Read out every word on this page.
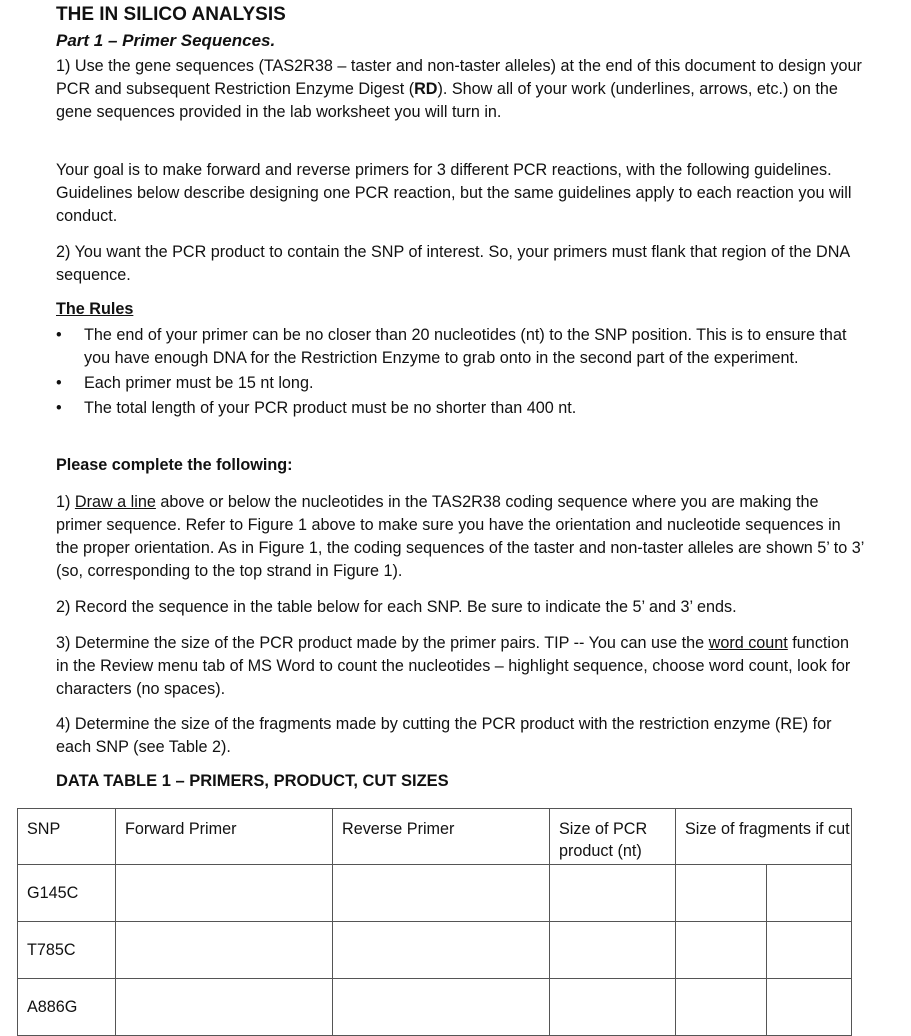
THE IN SILICO ANALYSIS
Part 1 – Primer Sequences.

1) Use the gene sequences (TAS2R38 – taster and non-taster alleles) at the end of this document to design your PCR and subsequent Restriction Enzyme Digest (RD). Show all of your work (underlines, arrows, etc.) on the gene sequences provided in the lab worksheet you will turn in.

Your goal is to make forward and reverse primers for 3 different PCR reactions, with the following guidelines. Guidelines below describe designing one PCR reaction, but the same guidelines apply to each reaction you will conduct.

2) You want the PCR product to contain the SNP of interest. So, your primers must flank that region of the DNA sequence.

The Rules

•	The end of your primer can be no closer than 20 nucleotides (nt) to the SNP position. This is to ensure that you have enough DNA for the Restriction Enzyme to grab onto in the second part of the experiment.
•	Each primer must be 15 nt long.
•	The total length of your PCR product must be no shorter than 400 nt.

Please complete the following:

1) Draw a line above or below the nucleotides in the TAS2R38 coding sequence where you are making the primer sequence. Refer to Figure 1 above to make sure you have the orientation and nucleotide sequences in the proper orientation. As in Figure 1, the coding sequences of the taster and non-taster alleles are shown 5’ to 3’ (so, corresponding to the top strand in Figure 1).

2) Record the sequence in the table below for each SNP. Be sure to indicate the 5’ and 3’ ends.

3) Determine the size of the PCR product made by the primer pairs. TIP -- You can use the word count function in the Review menu tab of MS Word to count the nucleotides – highlight sequence, choose word count, look for characters (no spaces).

4) Determine the size of the fragments made by cutting the PCR product with the restriction enzyme (RE) for each SNP (see Table 2).

DATA TABLE 1 – PRIMERS, PRODUCT, CUT SIZES

SNP	Forward Primer	Reverse Primer	Size of PCR product (nt)	Size of fragments if cut	
G145C					
T785C					
A886G					
